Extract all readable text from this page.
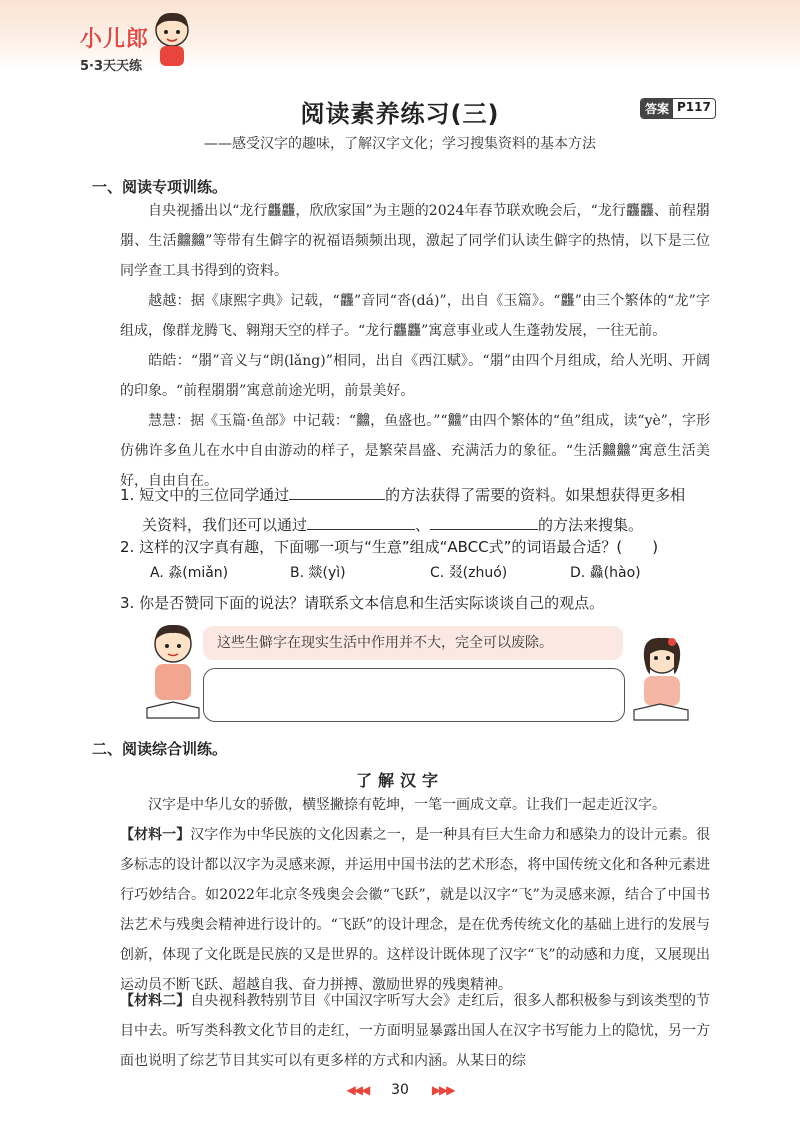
小儿郎
5·3天天练
阅读素养练习(三)	答案 P117
——感受汉字的趣味，了解汉字文化；学习搜集资料的基本方法
一、阅读专项训练。
自央视播出以“龙行龘龘，欣欣家国”为主题的2024年春节联欢晚会后，“龙行龘龘、前程朤朤、生活䲜䲜”等带有生僻字的祝福语频频出现，激起了同学们认读生僻字的热情，以下是三位同学查工具书得到的资料。
越越：据《康熙字典》记载，“龘”音同“沓(dá)”，出自《玉篇》。“龘”由三个繁体的“龙”字组成，像群龙腾飞、翱翔天空的样子。“龙行龘龘”寓意事业或人生蓬勃发展，一往无前。
皓皓：“朤”音义与“朗(lǎng)”相同，出自《西江赋》。“朤”由四个月组成，给人光明、开阔的印象。“前程朤朤”寓意前途光明，前景美好。
慧慧：据《玉篇·鱼部》中记载：“䲜，鱼盛也。”“䲜”由四个繁体的“鱼”组成，读“yè”，字形仿佛许多鱼儿在水中自由游动的样子，是繁荣昌盛、充满活力的象征。“生活䲜䲜”寓意生活美好，自由自在。
1. 短文中的三位同学通过	的方法获得了需要的资料。如果想获得更多相
关资料，我们还可以通过	、	的方法来搜集。
2. 这样的汉字真有趣，下面哪一项与“生意”组成“ABCC式”的词语最合适？(　　)
A. 淼(miǎn)	B. 燚(yì)	C. 叕(zhuó)	D. 灥(hào)
3. 你是否赞同下面的说法？请联系文本信息和生活实际谈谈自己的观点。
这些生僻字在现实生活中作用并不大，完全可以废除。
二、阅读综合训练。
了解汉字
汉字是中华儿女的骄傲，横竖撇捺有乾坤，一笔一画成文章。让我们一起走近汉字。
【材料一】汉字作为中华民族的文化因素之一，是一种具有巨大生命力和感染力的设计元素。很多标志的设计都以汉字为灵感来源，并运用中国书法的艺术形态，将中国传统文化和各种元素进行巧妙结合。如2022年北京冬残奥会会徽“飞跃”，就是以汉字“飞”为灵感来源，结合了中国书法艺术与残奥会精神进行设计的。“飞跃”的设计理念，是在优秀传统文化的基础上进行的发展与创新，体现了文化既是民族的又是世界的。这样设计既体现了汉字“飞”的动感和力度，又展现出运动员不断飞跃、超越自我、奋力拼搏、激励世界的残奥精神。
【材料二】自央视科教特别节目《中国汉字听写大会》走红后，很多人都积极参与到该类型的节目中去。听写类科教文化节目的走红，一方面明显暴露出国人在汉字书写能力上的隐忧，另一方面也说明了综艺节目其实可以有更多样的方式和内涵。从某日的综
◀◀◀ 30 ▶▶▶
